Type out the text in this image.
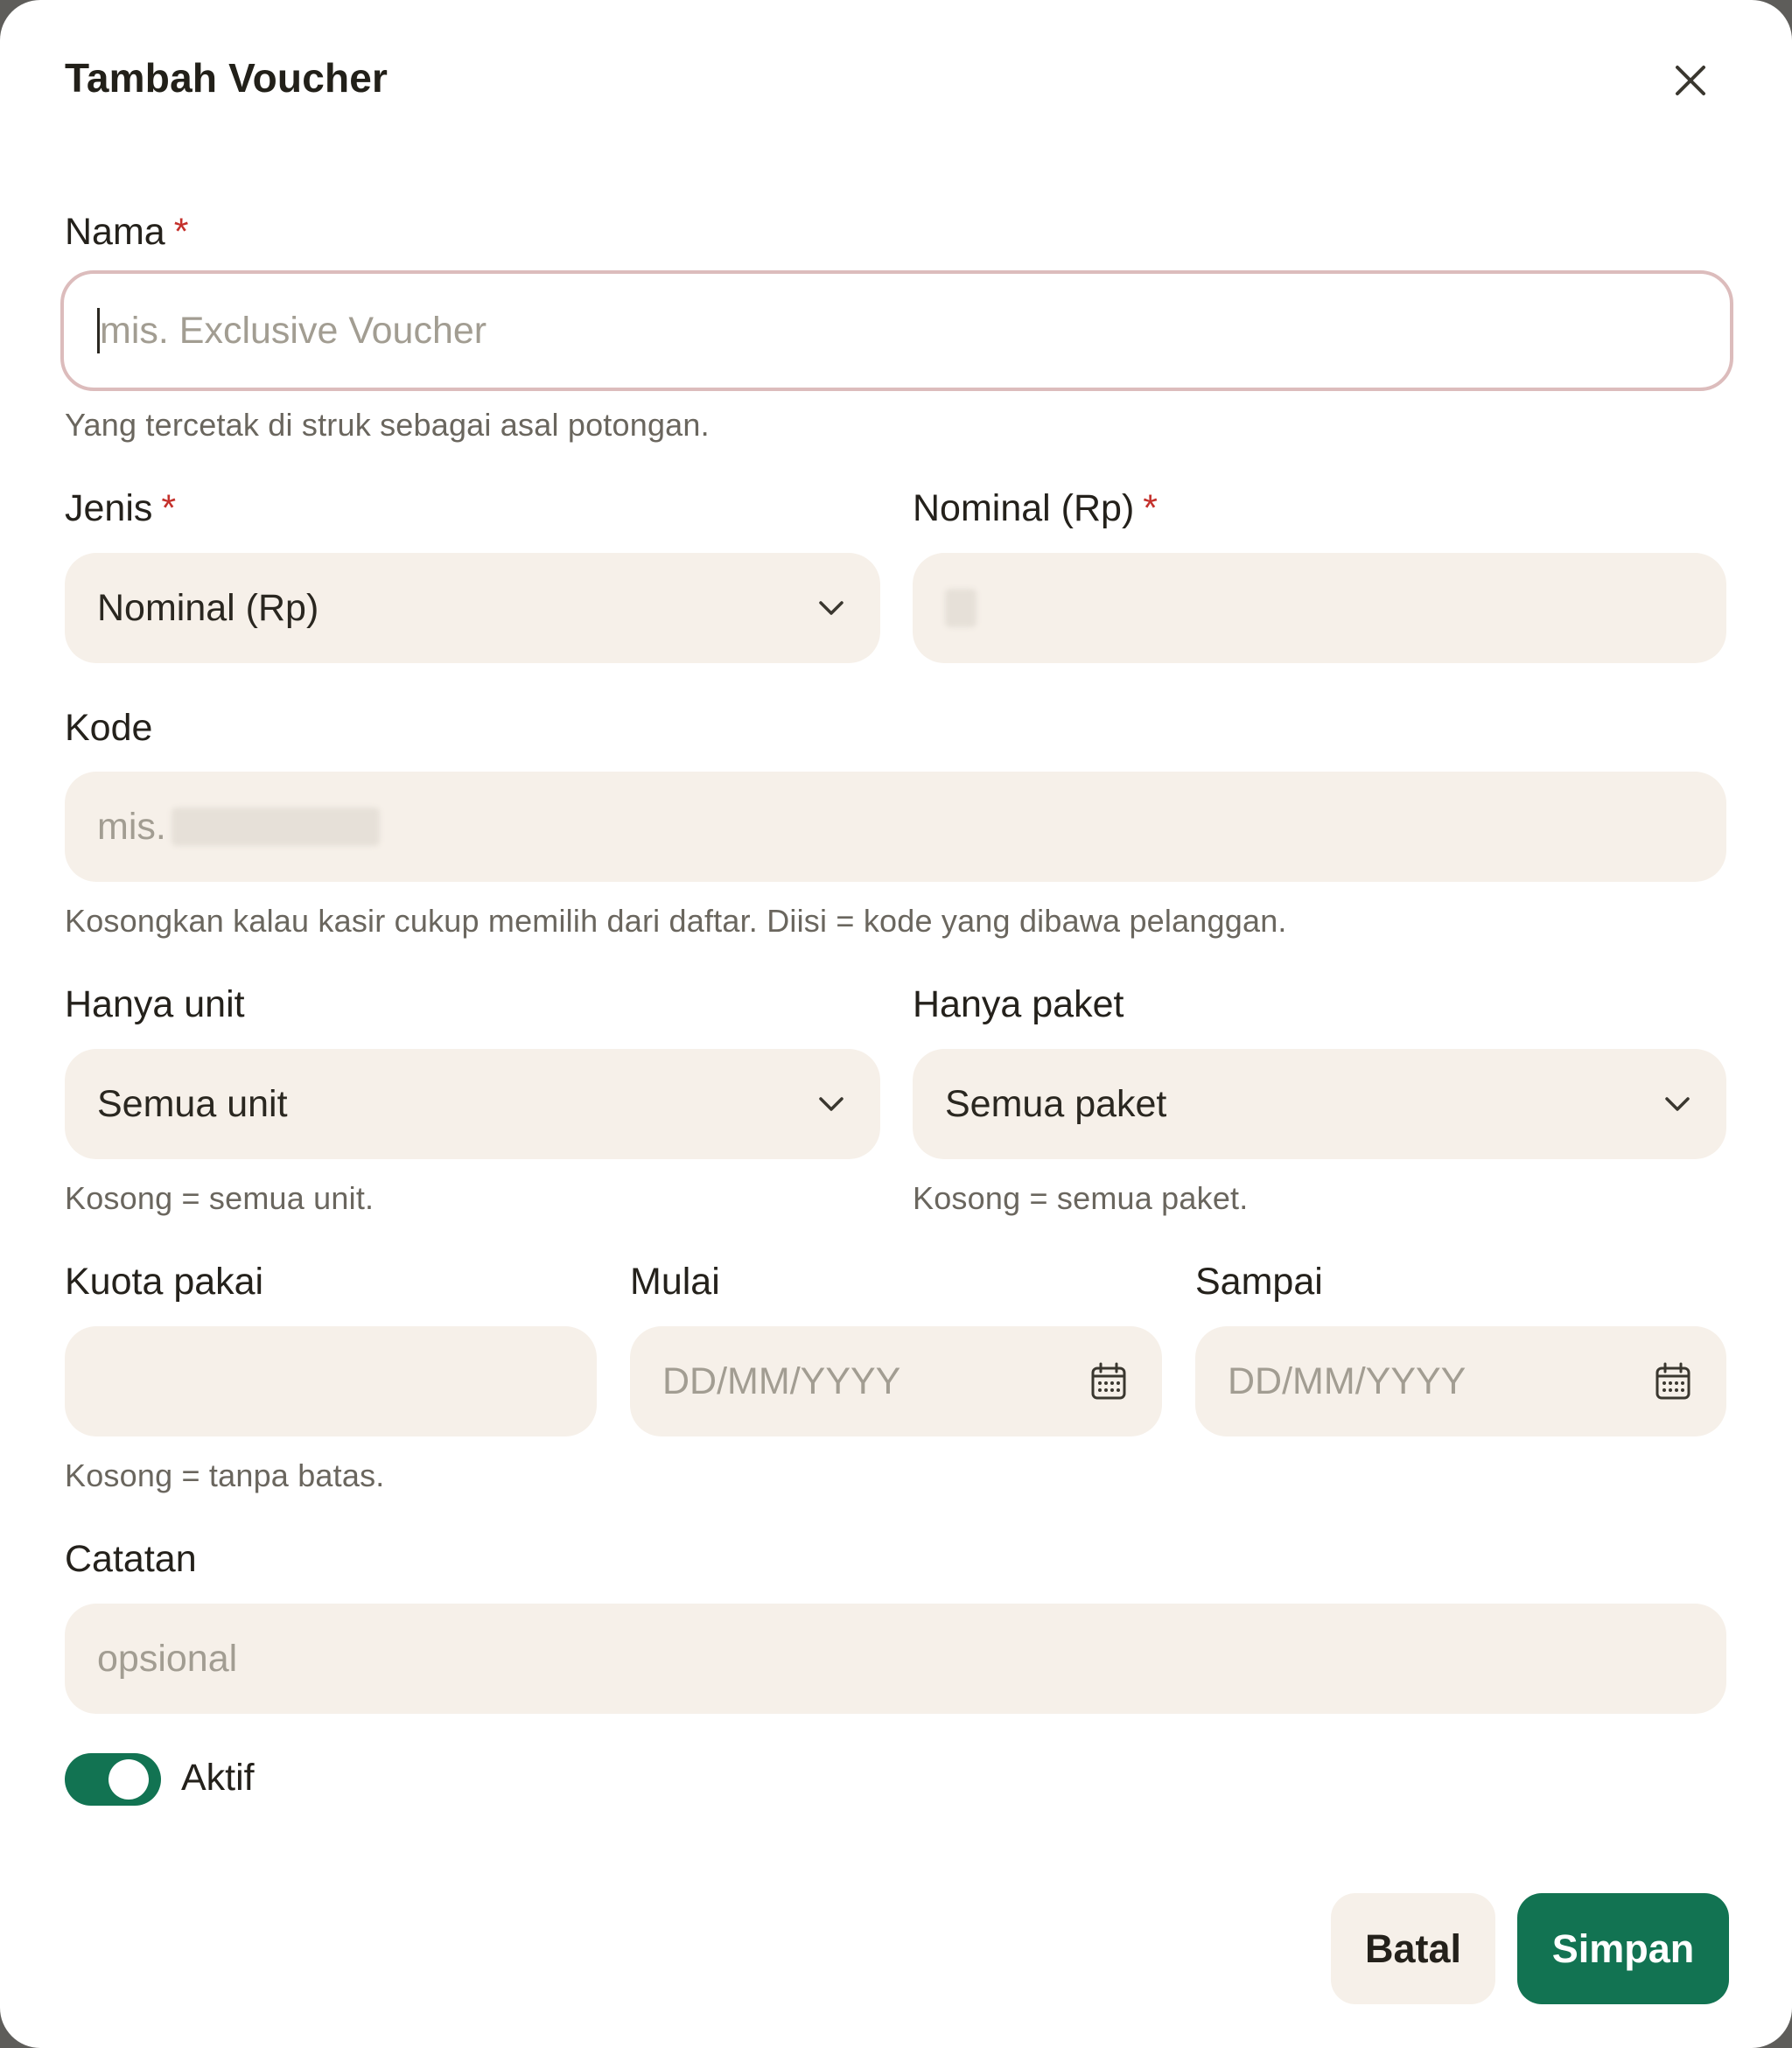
Tambah Voucher
Nama *
mis. Exclusive Voucher
Yang tercetak di struk sebagai asal potongan.
Jenis *
Nominal (Rp)
Nominal (Rp) *
Kode
mis.
Kosongkan kalau kasir cukup memilih dari daftar. Diisi = kode yang dibawa pelanggan.
Hanya unit
Semua unit
Kosong = semua unit.
Hanya paket
Semua paket
Kosong = semua paket.
Kuota pakai
Kosong = tanpa batas.
Mulai
DD/MM/YYYY
Sampai
DD/MM/YYYY
Catatan
opsional
Aktif
Batal	Simpan
